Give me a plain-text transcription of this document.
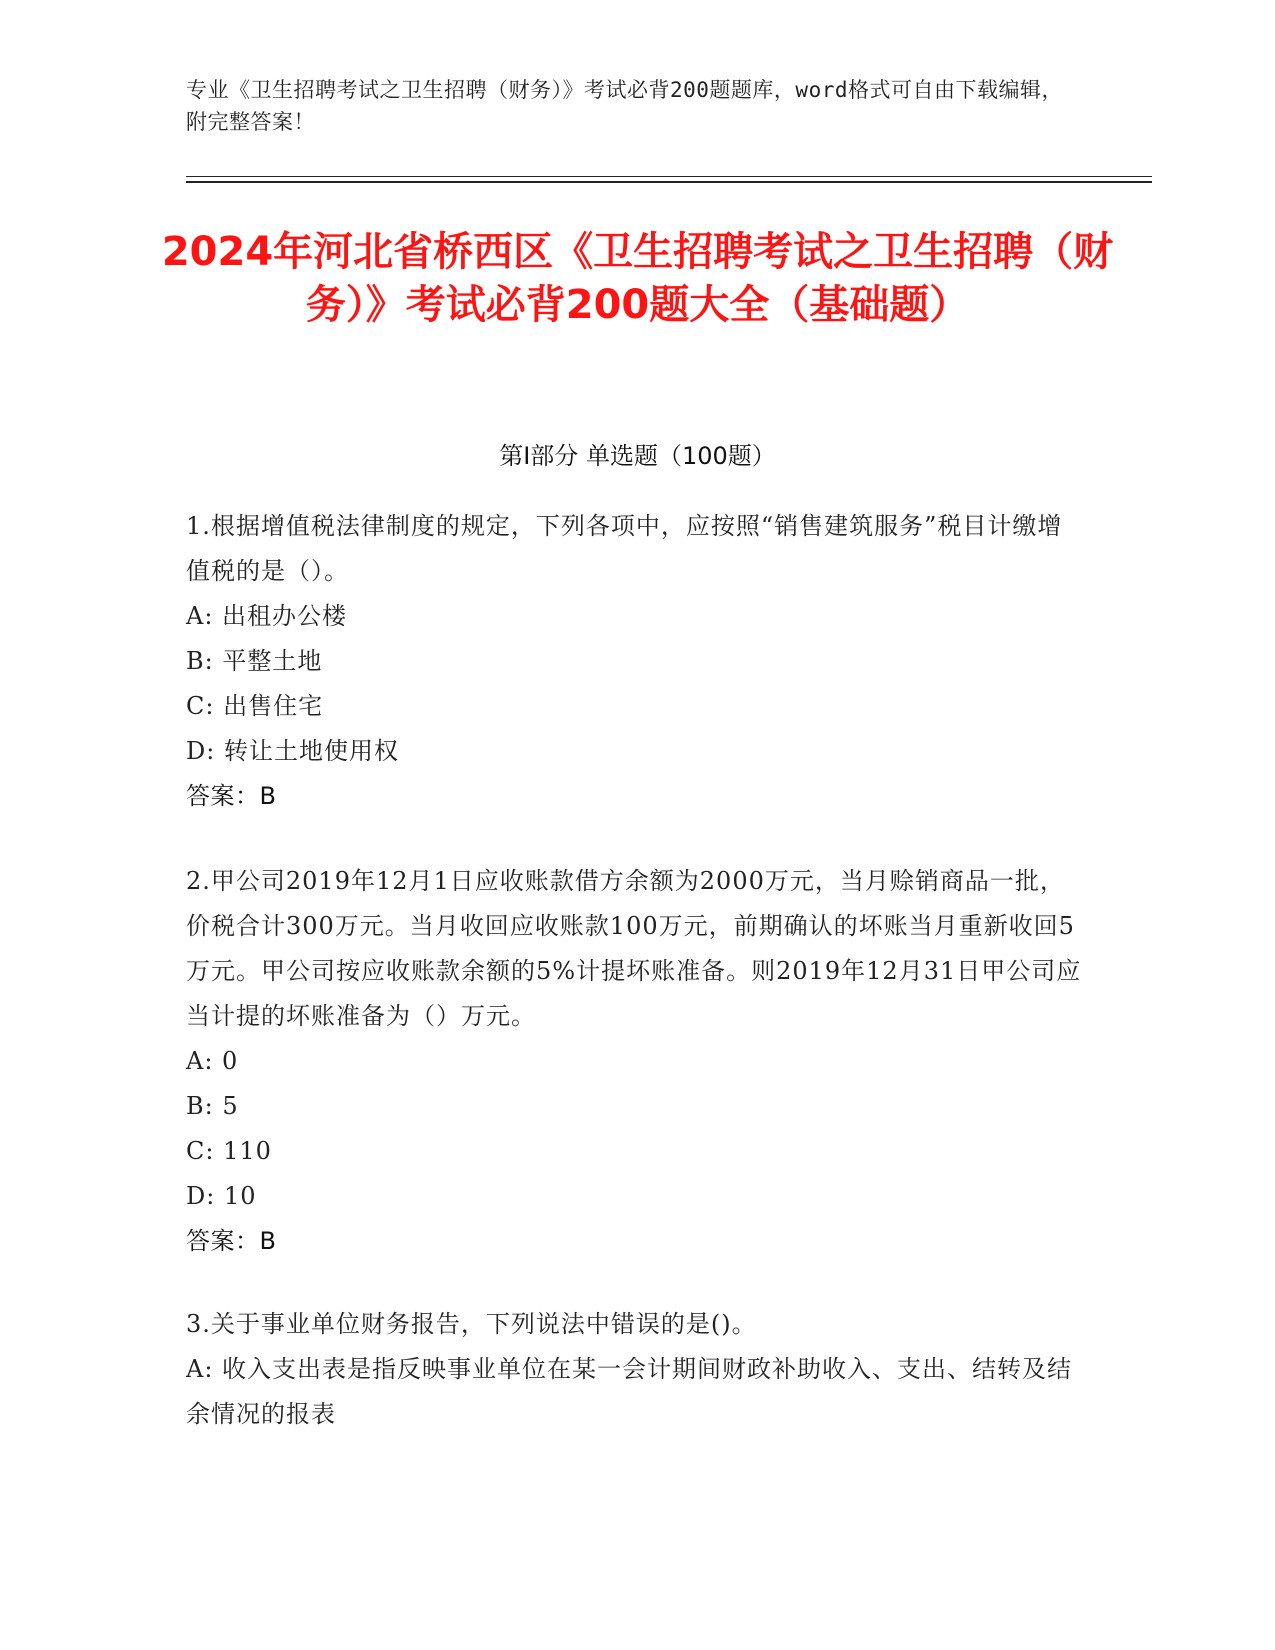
专业《卫生招聘考试之卫生招聘（财务）》考试必背200题题库，word格式可自由下载编辑，附完整答案！
2024年河北省桥西区《卫生招聘考试之卫生招聘（财务）》考试必背200题大全（基础题）
第Ⅰ部分 单选题（100题）
1.根据增值税法律制度的规定，下列各项中，应按照“销售建筑服务”税目计缴增值税的是（）。
A: 出租办公楼
B: 平整土地
C: 出售住宅
D: 转让土地使用权
答案：B
2.甲公司2019年12月1日应收账款借方余额为2000万元，当月赊销商品一批，价税合计300万元。当月收回应收账款100万元，前期确认的坏账当月重新收回5万元。甲公司按应收账款余额的5%计提坏账准备。则2019年12月31日甲公司应当计提的坏账准备为（）万元。
A: 0
B: 5
C: 110
D: 10
答案：B
3.关于事业单位财务报告，下列说法中错误的是()。
A: 收入支出表是指反映事业单位在某一会计期间财政补助收入、支出、结转及结余情况的报表
